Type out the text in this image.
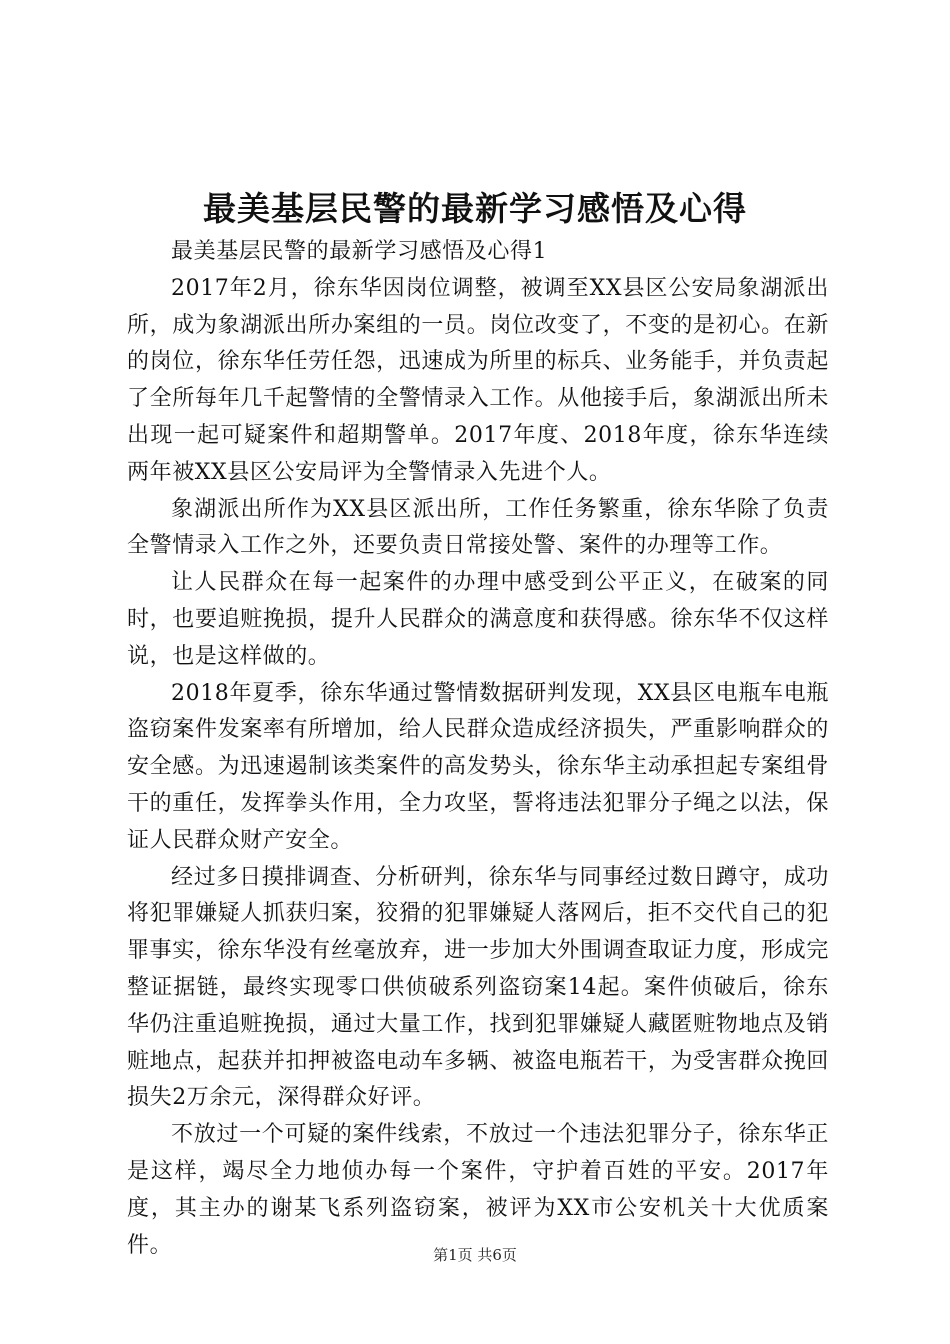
最美基层民警的最新学习感悟及心得

最美基层民警的最新学习感悟及心得1

2017年2月，徐东华因岗位调整，被调至XX县区公安局象湖派出所，成为象湖派出所办案组的一员。岗位改变了，不变的是初心。在新的岗位，徐东华任劳任怨，迅速成为所里的标兵、业务能手，并负责起了全所每年几千起警情的全警情录入工作。从他接手后，象湖派出所未出现一起可疑案件和超期警单。2017年度、2018年度，徐东华连续两年被XX县区公安局评为全警情录入先进个人。

象湖派出所作为XX县区派出所，工作任务繁重，徐东华除了负责全警情录入工作之外，还要负责日常接处警、案件的办理等工作。

让人民群众在每一起案件的办理中感受到公平正义，在破案的同时，也要追赃挽损，提升人民群众的满意度和获得感。徐东华不仅这样说，也是这样做的。

2018年夏季，徐东华通过警情数据研判发现，XX县区电瓶车电瓶盗窃案件发案率有所增加，给人民群众造成经济损失，严重影响群众的安全感。为迅速遏制该类案件的高发势头，徐东华主动承担起专案组骨干的重任，发挥拳头作用，全力攻坚，誓将违法犯罪分子绳之以法，保证人民群众财产安全。

经过多日摸排调查、分析研判，徐东华与同事经过数日蹲守，成功将犯罪嫌疑人抓获归案，狡猾的犯罪嫌疑人落网后，拒不交代自己的犯罪事实，徐东华没有丝毫放弃，进一步加大外围调查取证力度，形成完整证据链，最终实现零口供侦破系列盗窃案14起。案件侦破后，徐东华仍注重追赃挽损，通过大量工作，找到犯罪嫌疑人藏匿赃物地点及销赃地点，起获并扣押被盗电动车多辆、被盗电瓶若干，为受害群众挽回损失2万余元，深得群众好评。

不放过一个可疑的案件线索，不放过一个违法犯罪分子，徐东华正是这样，竭尽全力地侦办每一个案件，守护着百姓的平安。2017年度，其主办的谢某飞系列盗窃案，被评为XX市公安机关十大优质案件。	第1页 共6页
